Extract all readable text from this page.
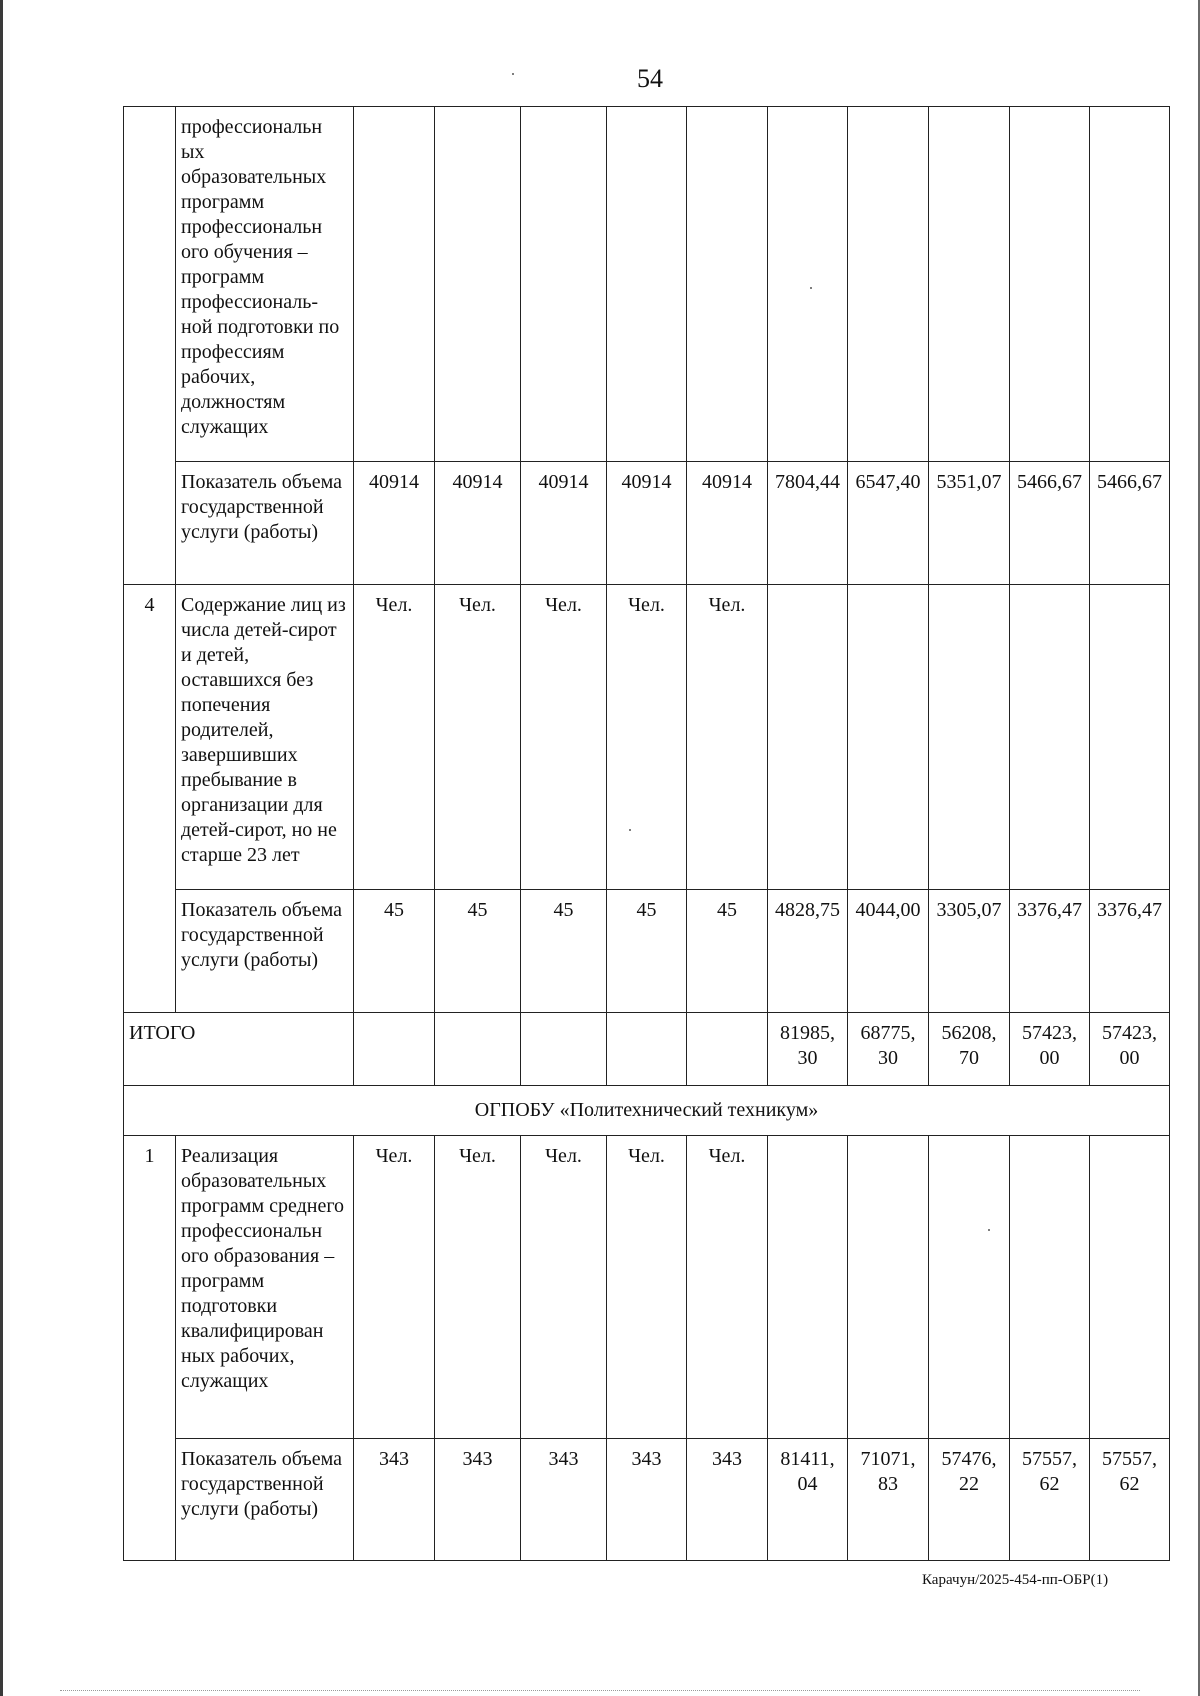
54
	профессиональн ых образовательных программ профессиональн ого обучения – программ профессиональ-ной подготовки по профессиям рабочих, должностям служащих										
	Показатель объема государственной услуги (работы)	40914	40914	40914	40914	40914	7804,44	6547,40	5351,07	5466,67	5466,67
4	Содержание лиц из числа детей-сирот и детей, оставшихся без попечения родителей, завершивших пребывание в организации для детей-сирот, но не старше 23 лет	Чел.	Чел.	Чел.	Чел.	Чел.					
	Показатель объема государственной услуги (работы)	45	45	45	45	45	4828,75	4044,00	3305,07	3376,47	3376,47
ИТОГО							81985, 30	68775, 30	56208, 70	57423, 00	57423, 00
ОГПОБУ «Политехнический техникум»											
1	Реализация образовательных программ среднего профессиональн ого образования – программ подготовки квалифицирован ных рабочих, служащих	Чел.	Чел.	Чел.	Чел.	Чел.					
	Показатель объема государственной услуги (работы)	343	343	343	343	343	81411, 04	71071, 83	57476, 22	57557, 62	57557, 62
Карачун/2025-454-пп-ОБР(1)
